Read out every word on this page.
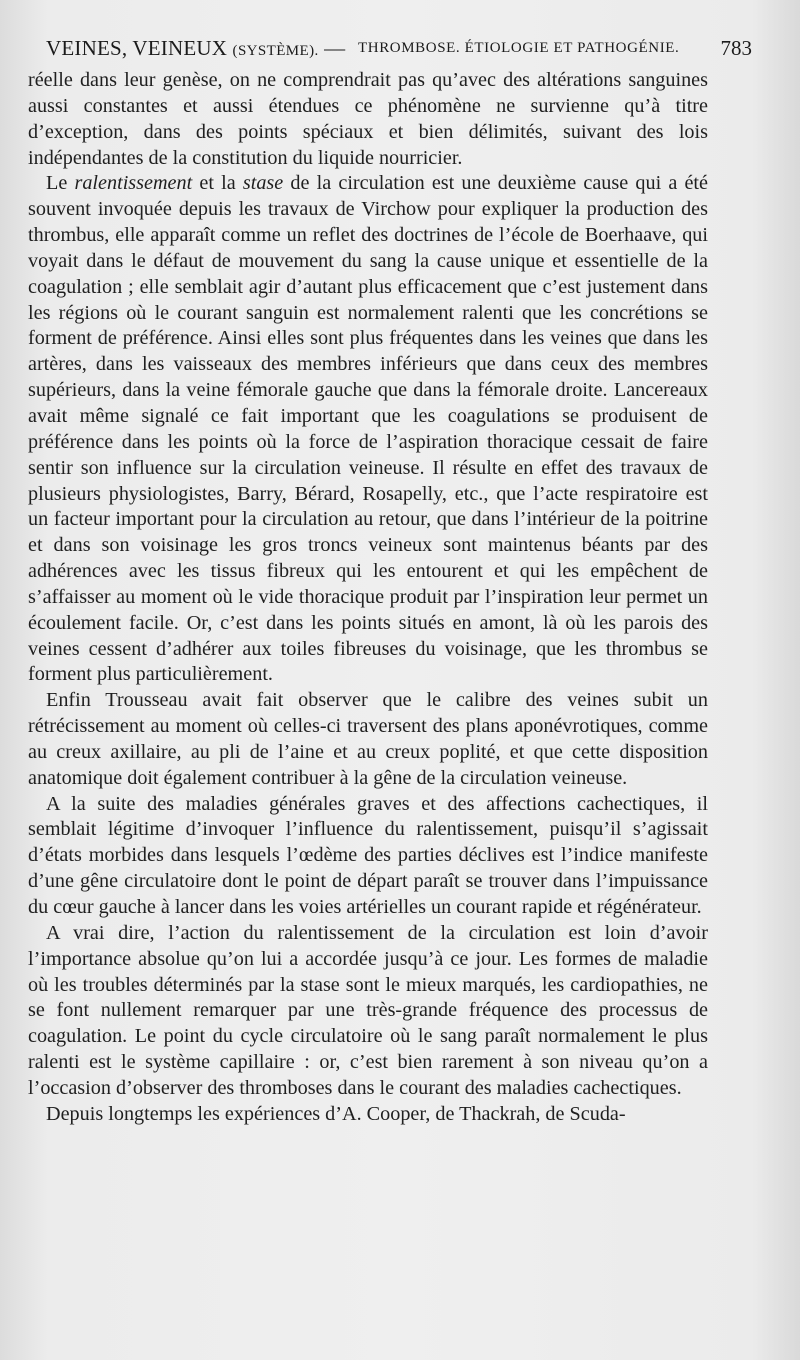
VEINES, VEINEUX (SYSTÈME). — THROMBOSE. ÉTIOLOGIE ET PATHOGÉNIE. 783

réelle dans leur genèse, on ne comprendrait pas qu’avec des altérations sanguines aussi constantes et aussi étendues ce phénomène ne survienne qu’à titre d’exception, dans des points spéciaux et bien délimités, suivant des lois indépendantes de la constitution du liquide nourricier.

Le ralentissement et la stase de la circulation est une deuxième cause qui a été souvent invoquée depuis les travaux de Virchow pour expliquer la production des thrombus, elle apparaît comme un reflet des doctrines de l’école de Boerhaave, qui voyait dans le défaut de mouvement du sang la cause unique et essentielle de la coagulation ; elle semblait agir d’autant plus efficacement que c’est justement dans les régions où le courant sanguin est normalement ralenti que les concrétions se forment de préférence. Ainsi elles sont plus fréquentes dans les veines que dans les artères, dans les vaisseaux des membres inférieurs que dans ceux des membres supérieurs, dans la veine fémorale gauche que dans la fémorale droite. Lancereaux avait même signalé ce fait important que les coagulations se produisent de préférence dans les points où la force de l’aspiration thoracique cessait de faire sentir son influence sur la circulation veineuse. Il résulte en effet des travaux de plusieurs physiologistes, Barry, Bérard, Rosapelly, etc., que l’acte respiratoire est un facteur important pour la circulation au retour, que dans l’intérieur de la poitrine et dans son voisinage les gros troncs veineux sont maintenus béants par des adhérences avec les tissus fibreux qui les entourent et qui les empêchent de s’affaisser au moment où le vide thoracique produit par l’inspiration leur permet un écoulement facile. Or, c’est dans les points situés en amont, là où les parois des veines cessent d’adhérer aux toiles fibreuses du voisinage, que les thrombus se forment plus particulièrement.

Enfin Trousseau avait fait observer que le calibre des veines subit un rétrécissement au moment où celles-ci traversent des plans aponévrotiques, comme au creux axillaire, au pli de l’aine et au creux poplité, et que cette disposition anatomique doit également contribuer à la gêne de la circulation veineuse.

A la suite des maladies générales graves et des affections cachectiques, il semblait légitime d’invoquer l’influence du ralentissement, puisqu’il s’agissait d’états morbides dans lesquels l’œdème des parties déclives est l’indice manifeste d’une gêne circulatoire dont le point de départ paraît se trouver dans l’impuissance du cœur gauche à lancer dans les voies artérielles un courant rapide et régénérateur.

A vrai dire, l’action du ralentissement de la circulation est loin d’avoir l’importance absolue qu’on lui a accordée jusqu’à ce jour. Les formes de maladie où les troubles déterminés par la stase sont le mieux marqués, les cardiopathies, ne se font nullement remarquer par une très-grande fréquence des processus de coagulation. Le point du cycle circulatoire où le sang paraît normalement le plus ralenti est le système capillaire : or, c’est bien rarement à son niveau qu’on a l’occasion d’observer des thromboses dans le courant des maladies cachectiques.

Depuis longtemps les expériences d’A. Cooper, de Thackrah, de Scuda-
